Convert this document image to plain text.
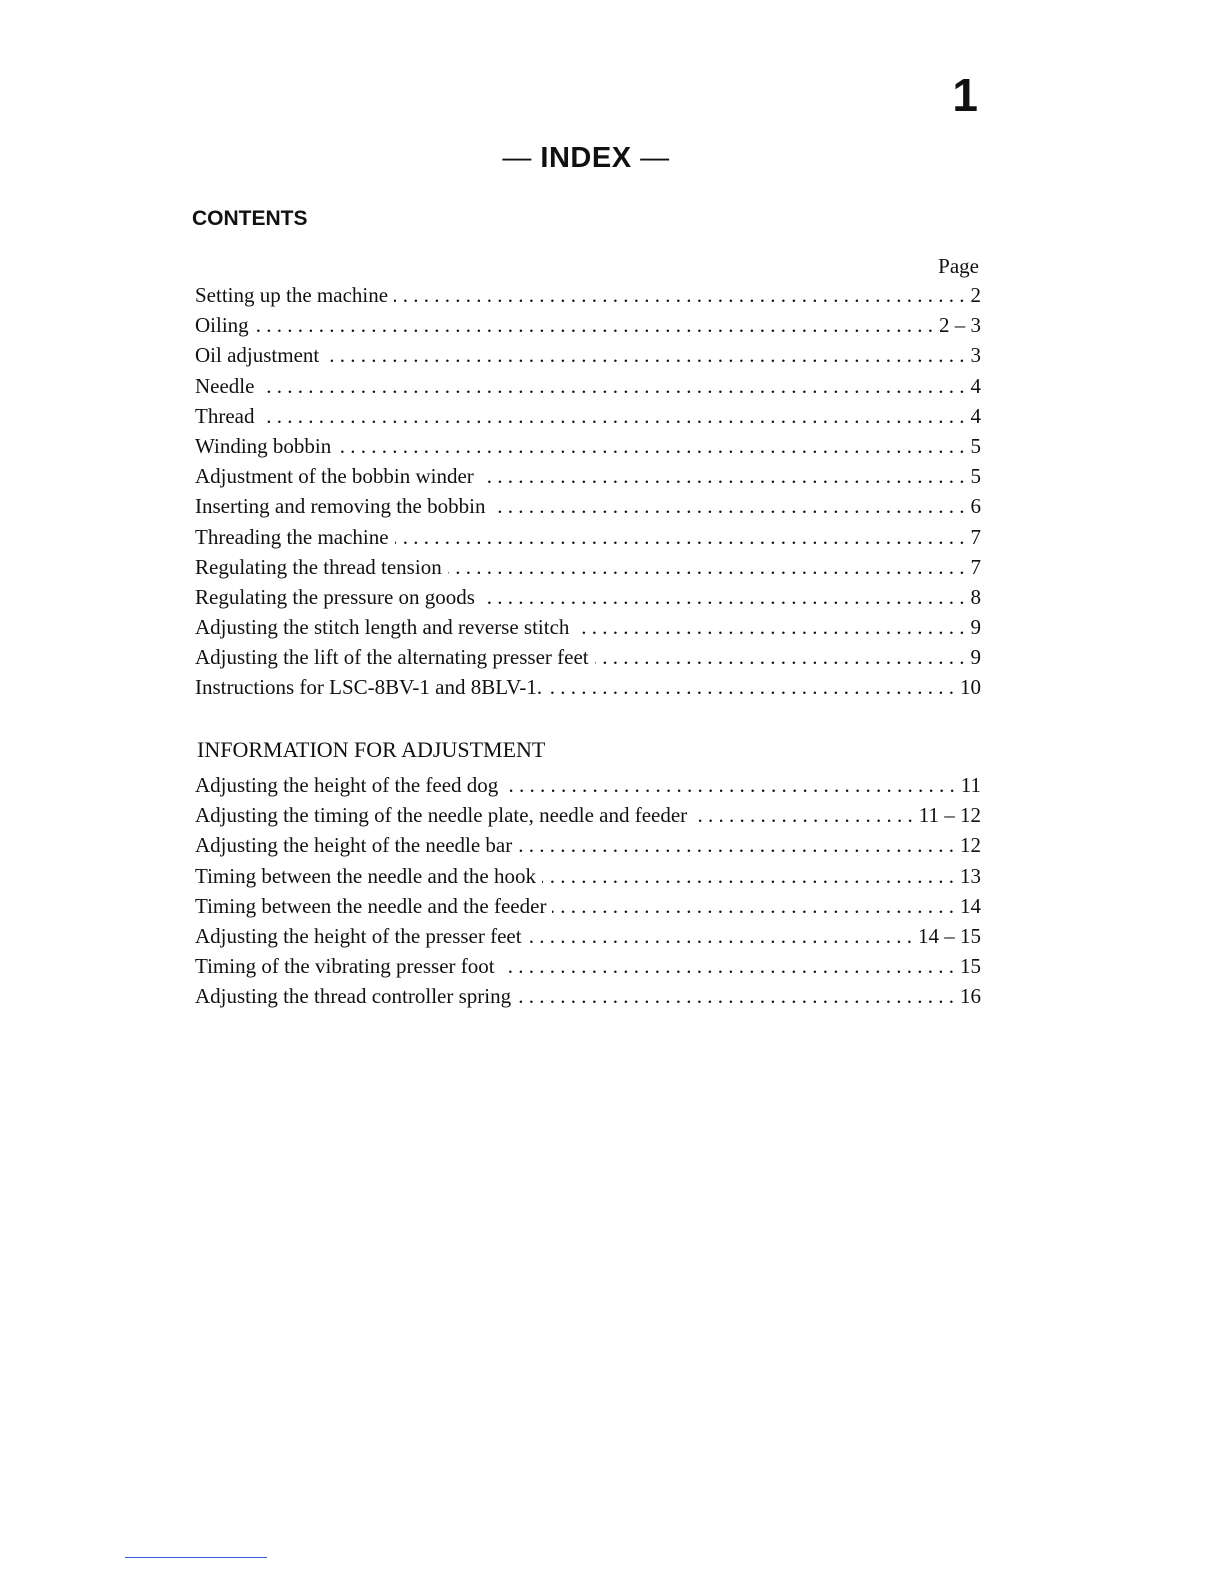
1
— INDEX —
CONTENTS
Page
Setting up the machine . . .	2
Oiling . . .	2 – 3
Oil adjustment . . .	3
Needle . . .	4
Thread . . .	4
Winding bobbin . . .	5
Adjustment of the bobbin winder . . .	5
Inserting and removing the bobbin . . .	6
Threading the machine . . .	7
Regulating the thread tension . . .	7
Regulating the pressure on goods . . .	8
Adjusting the stitch length and reverse stitch . . .	9
Adjusting the lift of the alternating presser feet . . .	9
Instructions for LSC-8BV-1 and 8BLV-1. . . .	10
INFORMATION FOR ADJUSTMENT
Adjusting the height of the feed dog . . .	11
Adjusting the timing of the needle plate, needle and feeder . . .	11 – 12
Adjusting the height of the needle bar . . .	12
Timing between the needle and the hook . . .	13
Timing between the needle and the feeder . . .	14
Adjusting the height of the presser feet . . .	14 – 15
Timing of the vibrating presser foot . . .	15
Adjusting the thread controller spring . . .	16
